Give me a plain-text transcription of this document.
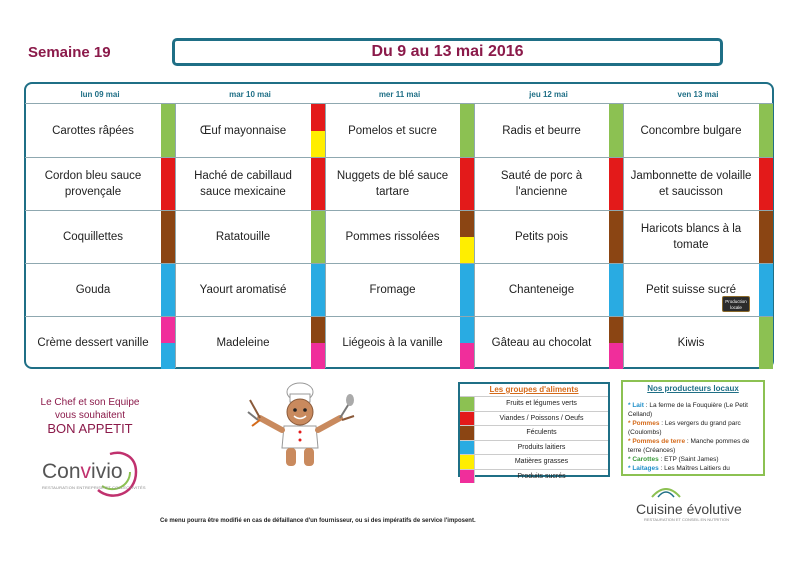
Semaine 19	Du 9 au 13 mai 2016
lun 09 mai
Carottes râpées
Cordon bleu sauce provençale
Coquillettes
Gouda
Crème dessert vanille
mar 10 mai
Œuf mayonnaise
Haché de cabillaud sauce mexicaine
Ratatouille
Yaourt aromatisé
Madeleine
mer 11 mai
Pomelos et sucre
Nuggets de blé sauce tartare
Pommes rissolées
Fromage
Liégeois à la vanille
jeu 12 mai
Radis et beurre
Sauté de porc à l'ancienne
Petits pois
Chanteneige
Gâteau au chocolat
ven 13 mai
Concombre bulgare
Jambonnette de volaille et saucisson
Haricots blancs à la tomate
Petit suisse sucré
Kiwis
Production locale
Le Chef et son Equipe
vous souhaitent
BON APPETIT
Convivio
RESTAURATION ENTREPRISE ET COLLECTIVITÉS
Les groupes d'aliments
Fruits et légumes verts
Viandes / Poissons / Oeufs
Féculents
Produits laitiers
Matières grasses
Produits sucrés
Nos producteurs locaux
* Lait : La ferme de la Fouquière (Le Petit Celland)
* Pommes : Les vergers du grand parc (Coulombs)
* Pommes de terre : Manche pommes de terre (Créances)
* Carottes : ETP (Saint James)
* Laitages : Les Maîtres Laitiers du
Ce menu pourra être modifié en cas de défaillance d'un fournisseur, ou si des impératifs de service l'imposent.
Cuisine évolutive
RESTAURATION ET CONSEIL EN NUTRITION
